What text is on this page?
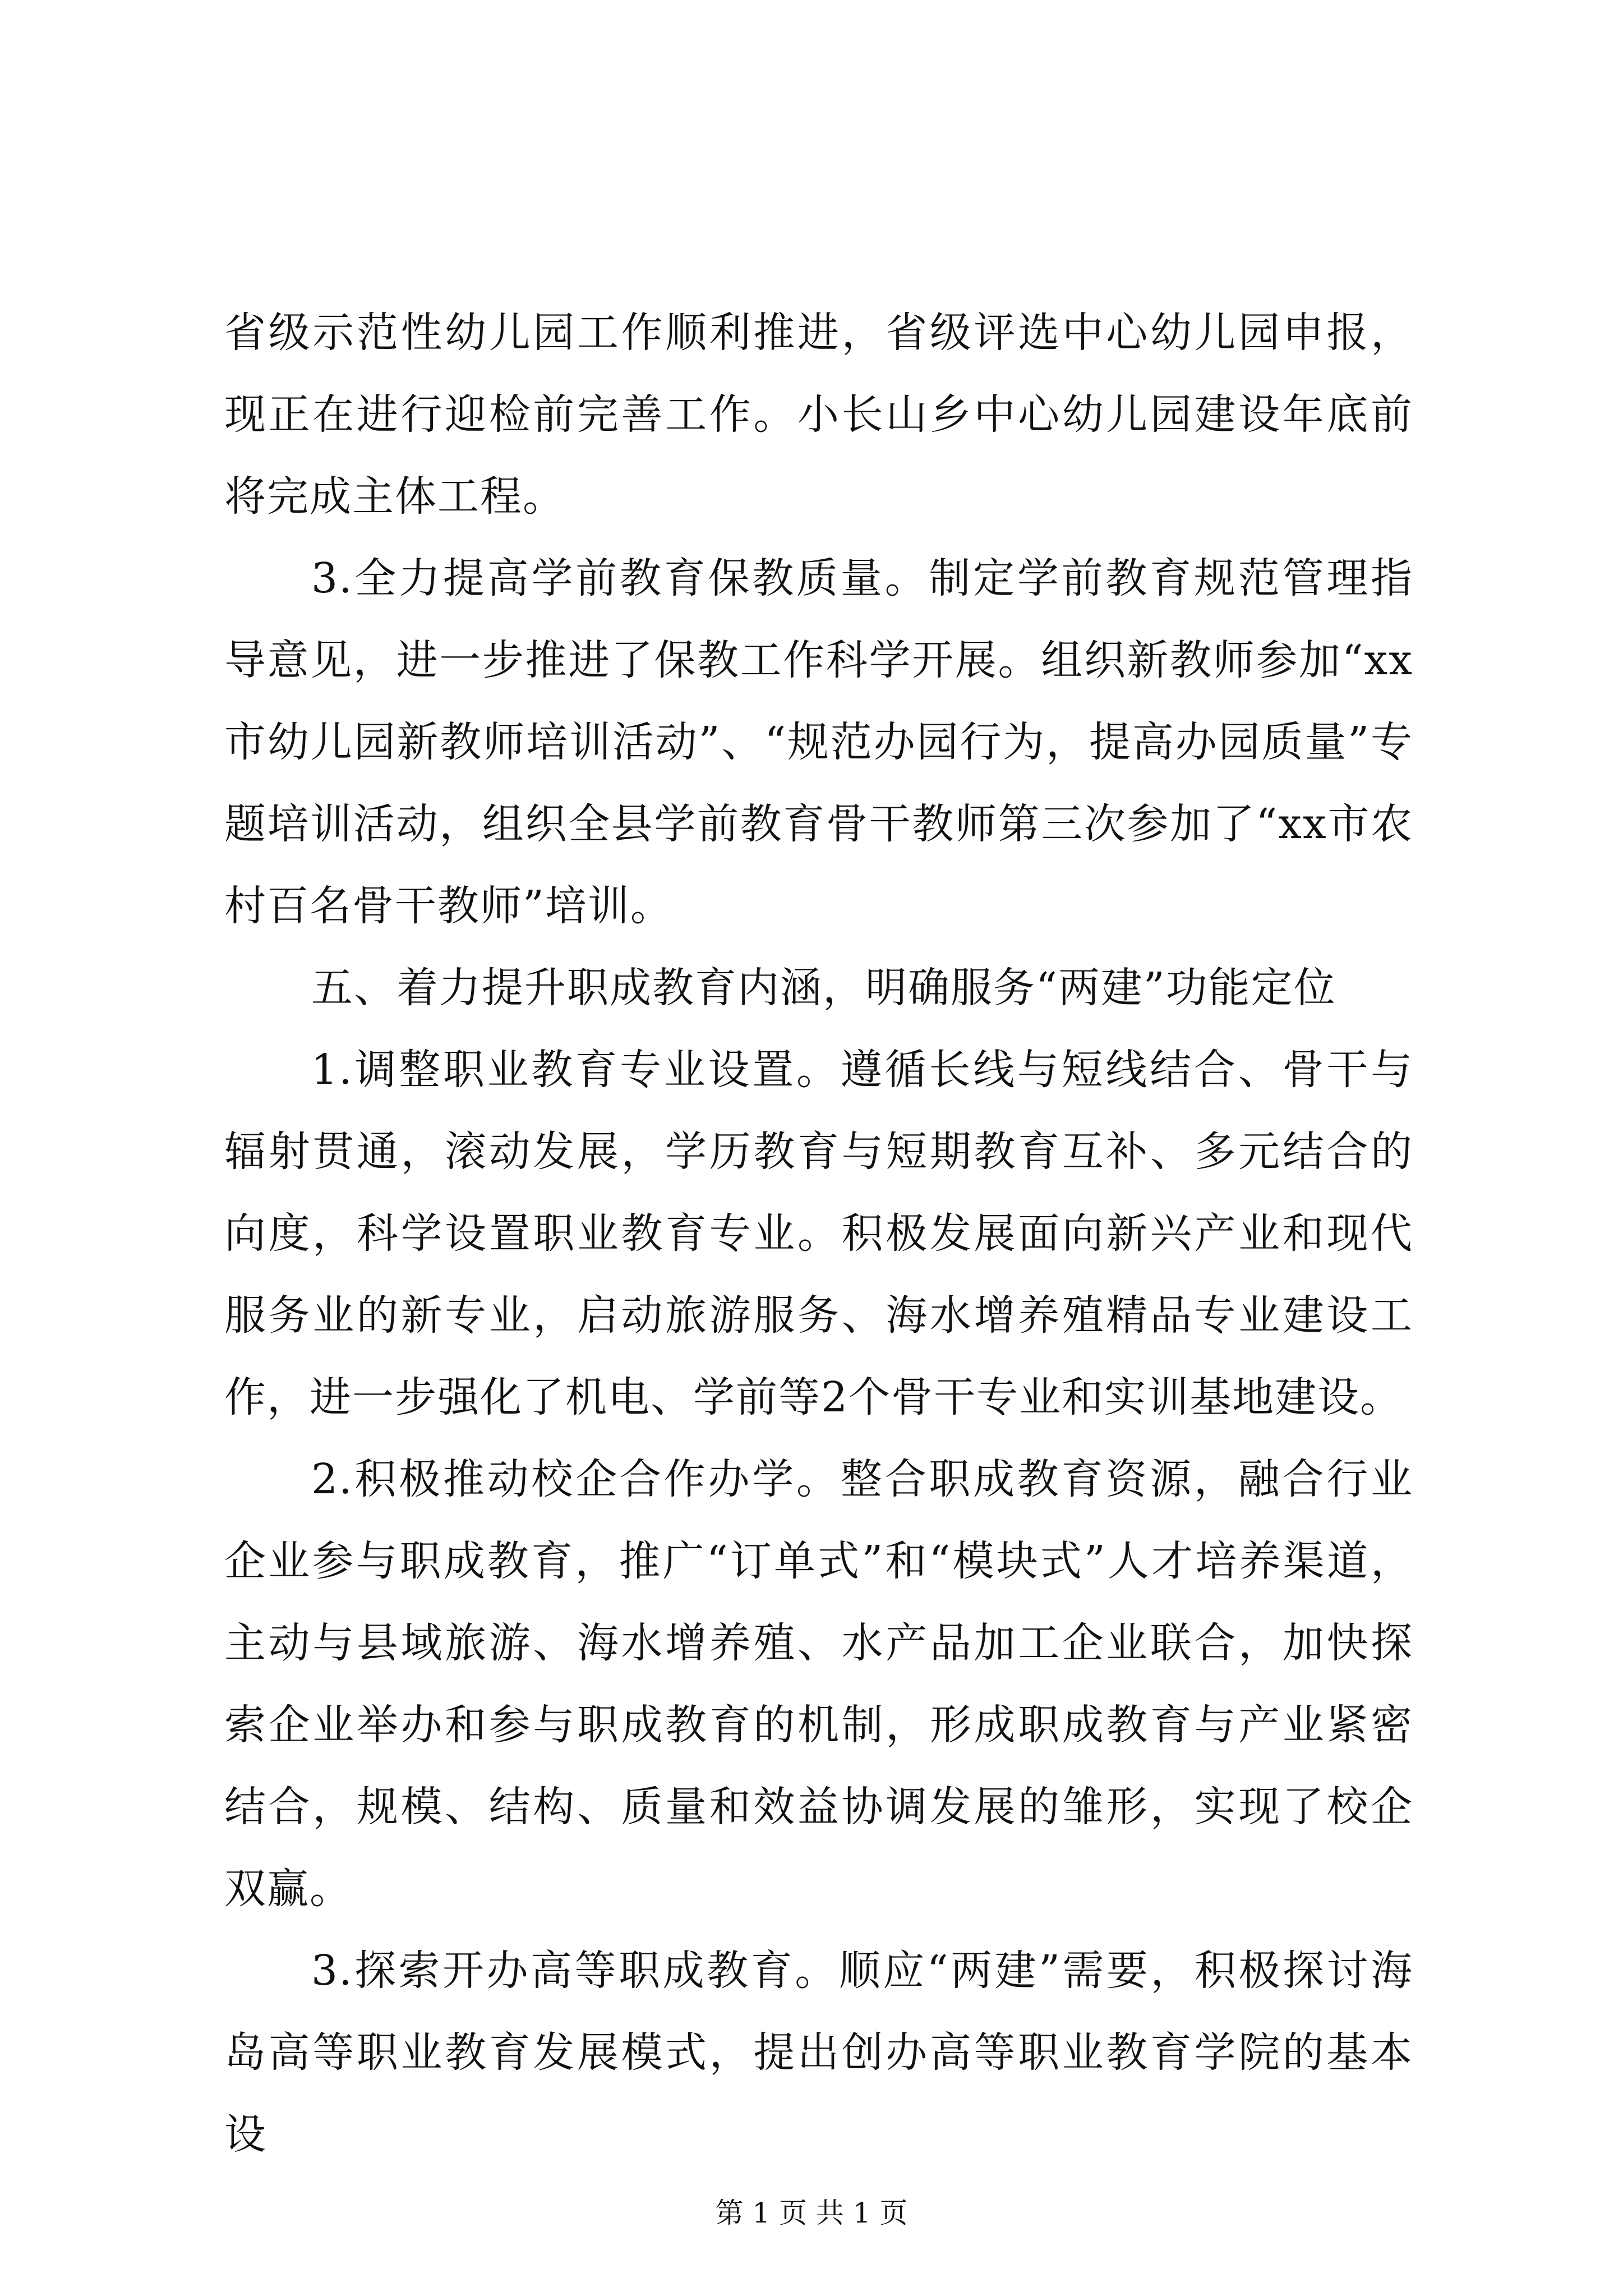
省级示范性幼儿园工作顺利推进，省级评选中心幼儿园申报，现正在进行迎检前完善工作。小长山乡中心幼儿园建设年底前将完成主体工程。

3.全力提高学前教育保教质量。制定学前教育规范管理指导意见，进一步推进了保教工作科学开展。组织新教师参加“xx市幼儿园新教师培训活动”、“规范办园行为，提高办园质量”专题培训活动，组织全县学前教育骨干教师第三次参加了“xx市农村百名骨干教师”培训。

五、着力提升职成教育内涵，明确服务“两建”功能定位

1.调整职业教育专业设置。遵循长线与短线结合、骨干与辐射贯通，滚动发展，学历教育与短期教育互补、多元结合的向度，科学设置职业教育专业。积极发展面向新兴产业和现代服务业的新专业，启动旅游服务、海水增养殖精品专业建设工作，进一步强化了机电、学前等2个骨干专业和实训基地建设。

2.积极推动校企合作办学。整合职成教育资源，融合行业企业参与职成教育，推广“订单式”和“模块式”人才培养渠道，主动与县域旅游、海水增养殖、水产品加工企业联合，加快探索企业举办和参与职成教育的机制，形成职成教育与产业紧密结合，规模、结构、质量和效益协调发展的雏形，实现了校企双赢。

3.探索开办高等职成教育。顺应“两建”需要，积极探讨海岛高等职业教育发展模式，提出创办高等职业教育学院的基本设

第 1 页 共 1 页
